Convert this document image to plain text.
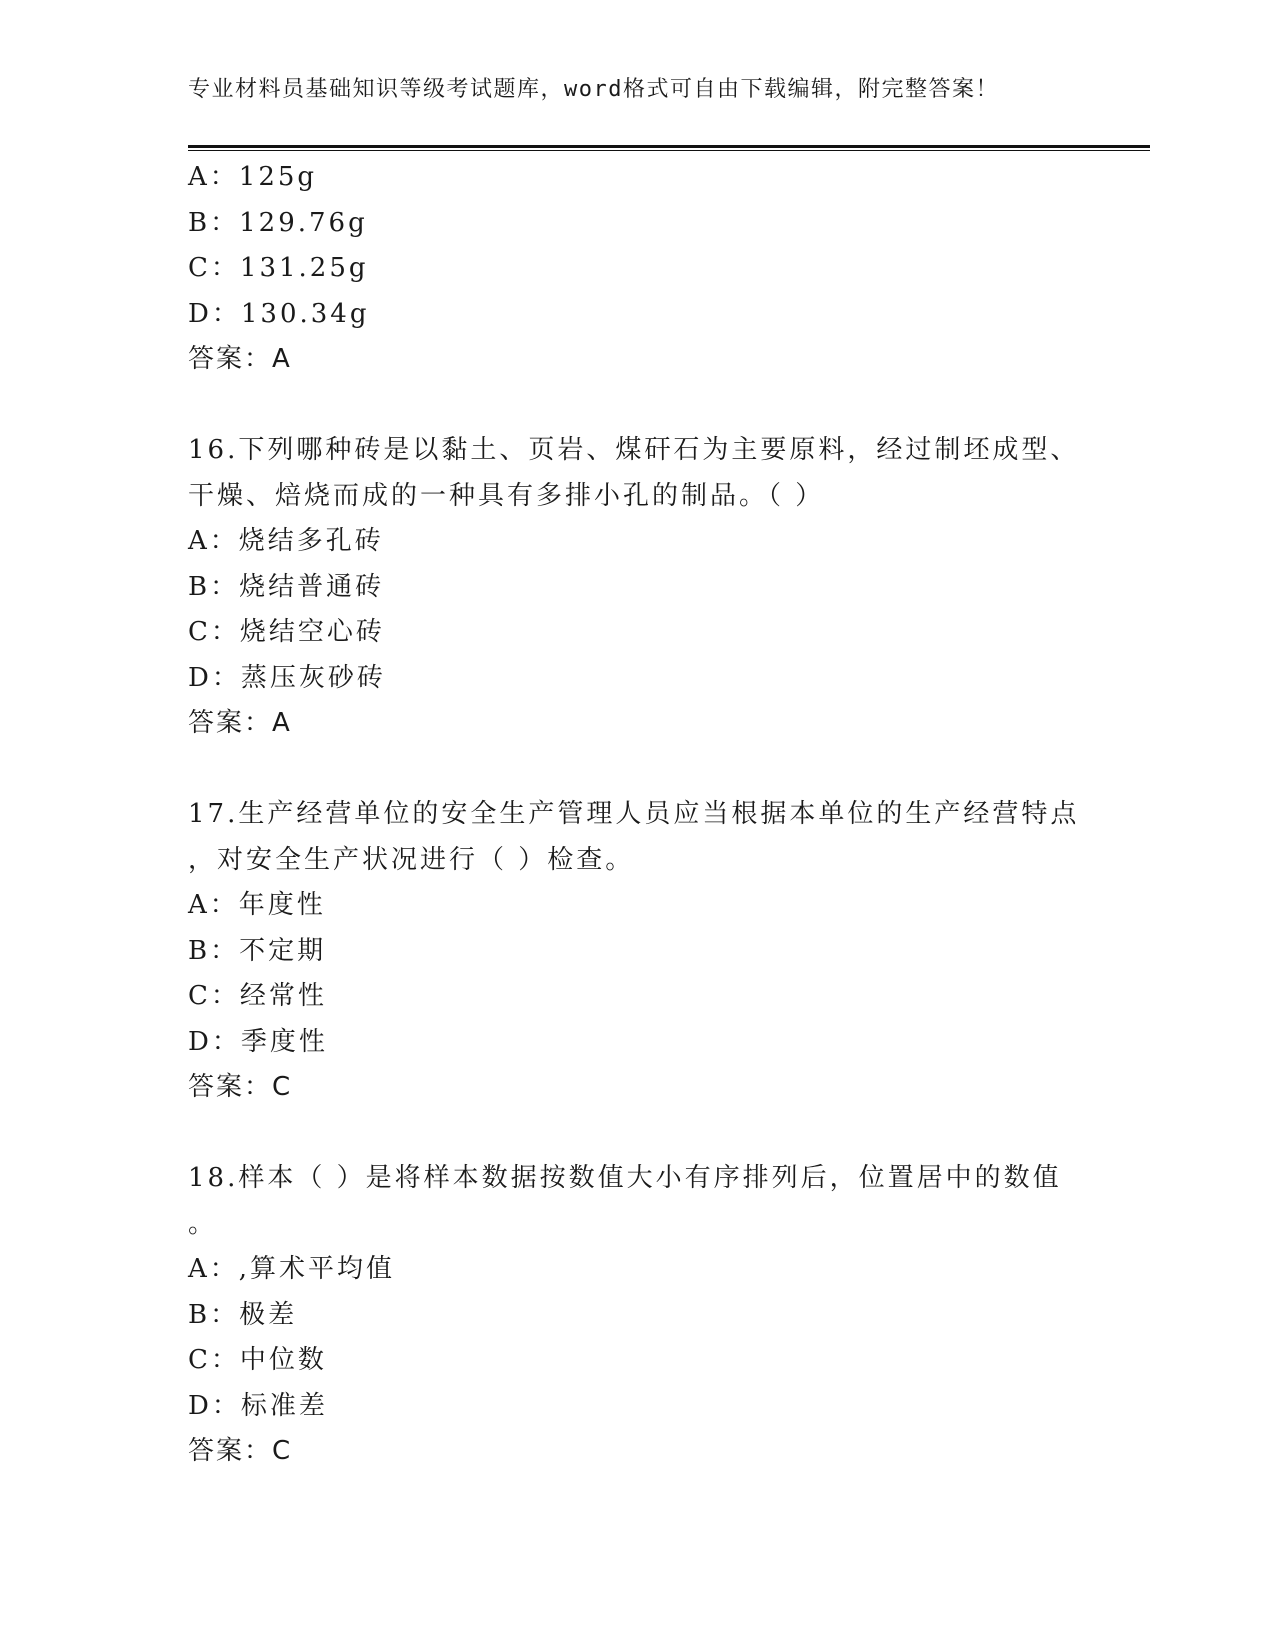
专业材料员基础知识等级考试题库，word格式可自由下载编辑，附完整答案！
A：125g
B：129.76g
C：131.25g
D：130.34g
答案：A
16.下列哪种砖是以黏土、页岩、煤矸石为主要原料，经过制坯成型、
干燥、焙烧而成的一种具有多排小孔的制品。（ ）
A：烧结多孔砖
B：烧结普通砖
C：烧结空心砖
D：蒸压灰砂砖
答案：A
17.生产经营单位的安全生产管理人员应当根据本单位的生产经营特点
，对安全生产状况进行（ ）检查。
A：年度性
B：不定期
C：经常性
D：季度性
答案：C
18.样本（ ）是将样本数据按数值大小有序排列后，位置居中的数值
。
A：,算术平均值
B：极差
C：中位数
D：标准差
答案：C
